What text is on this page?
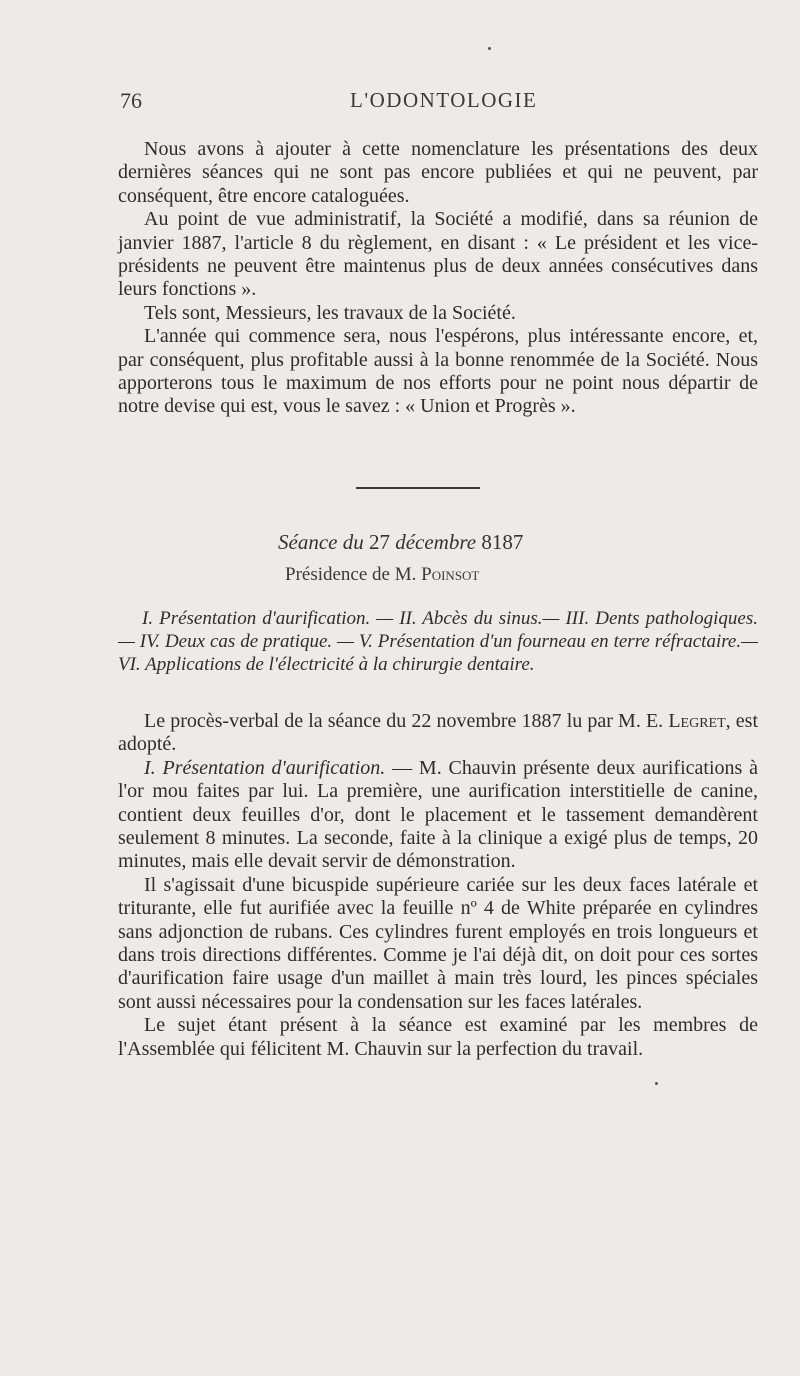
76	L'ODONTOLOGIE

Nous avons à ajouter à cette nomenclature les présentations des deux dernières séances qui ne sont pas encore publiées et qui ne peuvent, par conséquent, être encore cataloguées.

Au point de vue administratif, la Société a modifié, dans sa réunion de janvier 1887, l'article 8 du règlement, en disant : « Le président et les vice-présidents ne peuvent être maintenus plus de deux années consécutives dans leurs fonctions ».

Tels sont, Messieurs, les travaux de la Société.

L'année qui commence sera, nous l'espérons, plus intéressante encore, et, par conséquent, plus profitable aussi à la bonne renommée de la Société. Nous apporterons tous le maximum de nos efforts pour ne point nous départir de notre devise qui est, vous le savez : « Union et Progrès ».

Séance du 27 décembre 8187
Présidence de M. Poinsot

I. Présentation d'aurification. — II. Abcès du sinus.— III. Dents pathologiques. — IV. Deux cas de pratique. — V. Présentation d'un fourneau en terre réfractaire.— VI. Applications de l'électricité à la chirurgie dentaire.

Le procès-verbal de la séance du 22 novembre 1887 lu par M. E. Legret, est adopté.

I. Présentation d'aurification. — M. Chauvin présente deux aurifications à l'or mou faites par lui. La première, une aurification interstitielle de canine, contient deux feuilles d'or, dont le placement et le tassement demandèrent seulement 8 minutes. La seconde, faite à la clinique a exigé plus de temps, 20 minutes, mais elle devait servir de démonstration.

Il s'agissait d'une bicuspide supérieure cariée sur les deux faces latérale et triturante, elle fut aurifiée avec la feuille nº 4 de White préparée en cylindres sans adjonction de rubans. Ces cylindres furent employés en trois longueurs et dans trois directions différentes. Comme je l'ai déjà dit, on doit pour ces sortes d'aurification faire usage d'un maillet à main très lourd, les pinces spéciales sont aussi nécessaires pour la condensation sur les faces latérales.

Le sujet étant présent à la séance est examiné par les membres de l'Assemblée qui félicitent M. Chauvin sur la perfection du travail.
